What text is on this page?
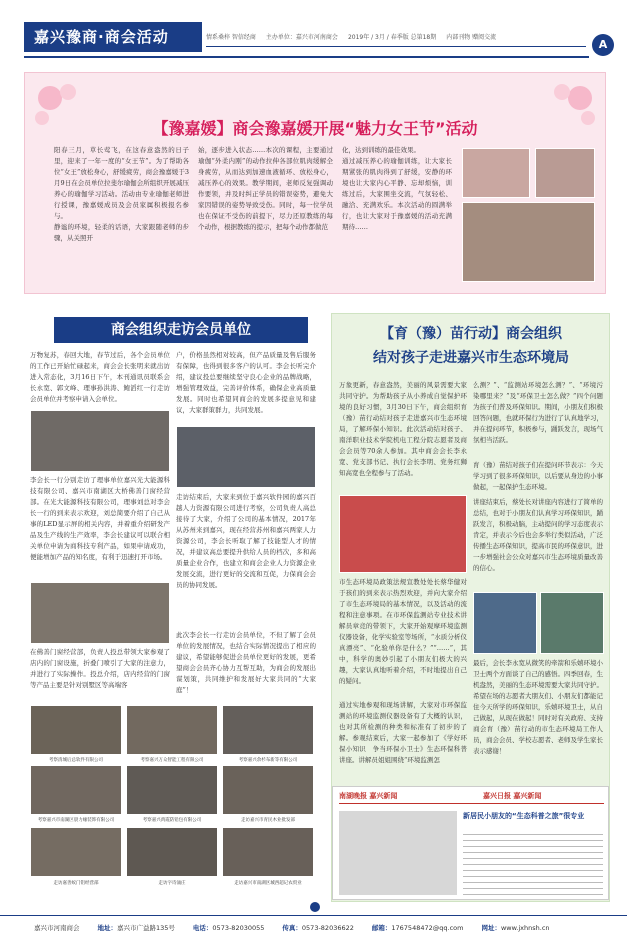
嘉兴豫商·商会活动	情系桑梓 智信经商 主办单位：嘉兴市河南商会 2019年 / 3月 / 春季版 总第18期 内部刊物 赠阅交流
A
【豫嘉媛】商会豫嘉媛开展“魅力女王节”活动
阳春三月，草长莺飞，在这春意盎然的日子里，迎来了一年一度的“女王节”。为了帮助各位“女王”放松身心，舒缓疲劳，商会豫嘉媛于3月9日在会员单位拉斐尔瑜伽会所组织开展减压养心的瑜伽学习活动。活动由专业瑜伽老师进行授课，豫嘉媛成员及会员家属积极报名参与。
静谧的环境，轻柔的话语，大家跟随老师的步骤，从关照开
始，逐步进入状态……本次的课程，主要通过瑜伽“外柔内刚”的动作拉伸各部位肌肉缓解全身疲劳，从而达到加速血液循环、放松身心，减压养心的效果。教学期间，老师反复强调动作要领，并及时纠正学员的错误姿势，避免大家因错误的姿势导致受伤。同时，每一位学员也在保证不受伤的前提下，尽力还原教练的每个动作，根据教练的提示，把每个动作都做范
化，达到训练的最佳效果。
通过减压养心的瑜伽训练，让大家长期紧张的肌肉得到了舒缓，安静的环境也让大家内心平静、忘却烦恼，训练过后，大家围坐交流，气氛轻松、融洽、充满欢乐。本次活动的圆满举行，也让大家对于豫嘉媛的活动充满期待……
商会组织走访会员单位
万物复苏，春回大地，春节过后，各个会员单位的工作已开始忙碌起来，商会会长张明来就出访进入常态化，3月16日下午，本刊通讯员联系会长永宽、郭文峰、理事孙洪涛、鲍滔红一行走访会员单位并考察申请入会单位。
李会长一行分别走访了理事单位嘉兴光大能源科技有限公司、嘉兴市南湖区大桥佛善门窗经营部。在光大能源科技有限公司，理事刘总对李会长一行的到来表示欢迎，刘总简要介绍了自己从事的LED显示屏的相关内容，并着重介绍研发产品及生产线的生产效率，李会长建议可以联合相关单位申请为商科技专利产品，如果申请成功，便能增加产品的知名度，有利于迅速打开市场。
在佛善门窗经营部，负责人投总带领大家参观了店内的门窗设施，折叠门喷引了大家的注意力，并进行了实际操作。投总介绍，店内经营的门窗等产品主要是针对别墅区等高端客
户，价格虽然相对较高，但产品质量及售后服务有保障，也得到很多客户的认可。李会长听完介绍，建议投总要继续坚守良心企业的品牌战略，增强管理效益，完善评价体系，确保企业高质量发展。同时也希望同商会的发展多提意见和建议，大家群策群力，共同发展。
走访结束后，大家来到位于嘉兴软件园的嘉兴百越人力资源有限公司进行考察，公司负责人高总接待了大家，介绍了公司的基本情况，2017年从苏州来到嘉兴，现在经营苏州和嘉兴两家人力资源公司，李会长听取了解了技能型人才的情况，并建议高总要提升供给人员的档次，多和高质量企业合作，也建立和商会企业人力资源企业发展交流，进行更好的交流和互促，力保商会会员的协同发展。
此次李会长一行走访会员单位，不但了解了会员单位的发展情况，也结合实际情况提出了相应的建议，希望能够促进会员单位更好的发展，更希望商会会员齐心协力互帮互助，为商会的发展出谋划策，共同维护和发展好大家共同的“大家庭”！
考察清城后总软件有限公司	考察嘉兴万众智能工程有限公司	考察嘉兴余杉布新等有限公司
考察嘉兴市南湖区晨力缘装饰有限公司	考察嘉兴禹霞防铅包有限公司	走访嘉兴市青民木业批发部
走访嘉善蚁门铝经营部	走访字诗涌庄	走访嘉兴市南湖区城西超记农贸业
【育（豫）苗行动】商会组织
结对孩子走进嘉兴市生态环境局
万象更新，春意盎然，美丽的风景需要大家共同守护。为帮助孩子从小养成自觉保护环境的良好习惯，3月30日下午，商会组织育（豫）苗行动结对孩子走进嘉兴市生态环境局，了解环保小知识。此次活动结对孩子、南洋职业技术学院机电工程分院志愿者及商会会员等70余人参加。其中商会会长李永宽、党支部书记、执行会长李明、党务红狮知高宽也全程参与了活动。
市生态环境局政策法规宣教处处长蔡华健对于孩们的到来表示热烈欢迎，并向大家介绍了市生态环境局的基本情况，以及活动的流程和注意事项。在市环保监测站专业技术讲解员章竞的带领下，大家开始观摩环境监测仪器设备，化学实验室等场所，“水质分析仪真漂亮”、“化验单你是什么？”“……”，其中，科学的奥妙引起了小朋友们极大的兴趣，大家认真地听着介绍，不时地提出自己的疑问。
通过实地参观和现场讲解，大家对市环保监测站的环境监测仪器设备有了大概的认识，也对其所检测的种类和标准有了初步的了解。参观结束后，大家一起参加了《学好环保小知识　争当环保小卫士》生态环保科普讲座。讲解员姐姐围绕“环境监测怎
么测？”、“监测站环境怎么测？”、“环境污染哪里来？”及“环保卫士怎么做？”四个问题为孩子们普及环保知识。期间，小朋友们积极回答问题，也就环保行为进行了认真地学习，并在提问环节，积极参与，踊跃发言，现场气氛相当活跃。
育（豫）苗结对孩子们在提问环节表示：今天学习到了很多环保知识，以后要从身边的小事做起，一起保护生态环境。
讲座结束后，蔡处长对讲座内容进行了简单的总结，也对于小朋友们认真学习环保知识，踊跃发言，积极动脑，主动提问的学习态度表示肯定，并表示今后也会多举行类似活动，广泛传播生态环保知识，提高市民的环保意识，进一步增强社会公众对嘉兴市生态环境质量改善的信心。
最后，会长李永宽从微笑的牵箭和乐嬉环境小卫士两个方面谈了自己的感悟。四季回春，生机盎然，美丽的生态环境需要大家共同守护。希望在场的志愿者大朋友们、小朋友们都能记住今天所学的环保知识，乐嬉环境卫士，从自己做起，从现在做起！同时对有关政府、支持商会育（豫）苗行动的市生态环境局工作人员，商会会员、学校志愿者、老师及学生家长表示感谢！
南湖晚报 嘉兴新闻	嘉兴日报 嘉兴新闻
新居民小朋友的“生态科普之旅”很专业
嘉兴市河南商会	地址：嘉兴市广益路135号	电话：0573-82030055	传真：0573-82036622	邮箱：1767548472@qq.com	网址：www.jxhnsh.cn
